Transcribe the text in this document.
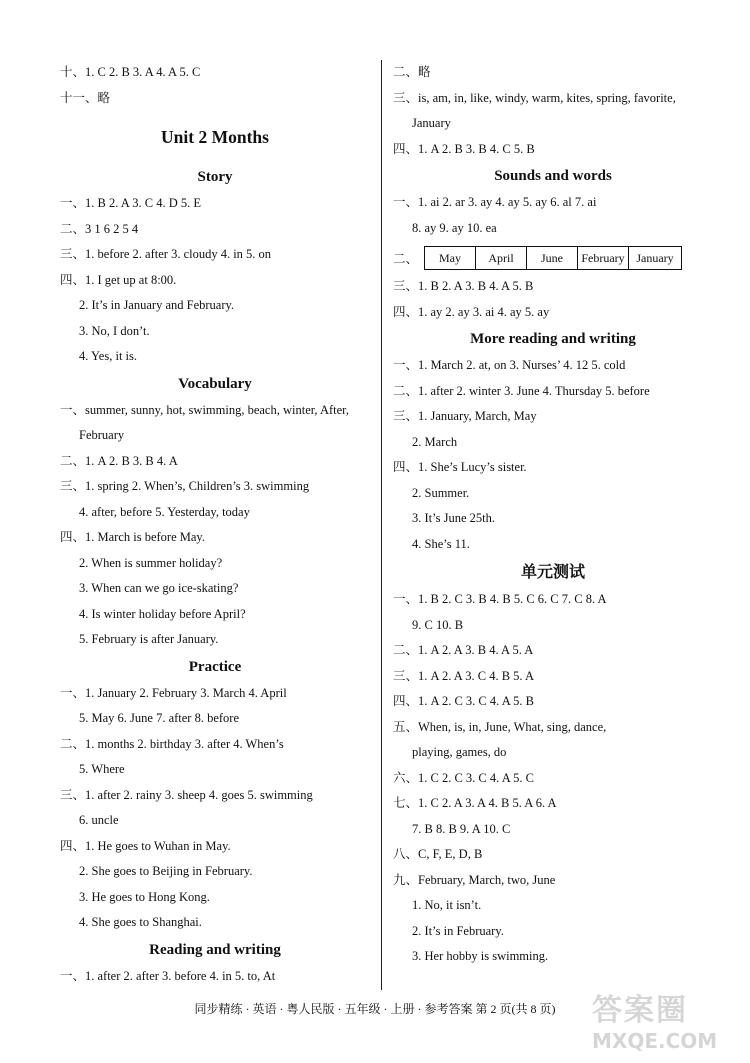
十、1. C 2. B 3. A 4. A 5. C
十一、略
Unit 2 Months
Story
一、1. B 2. A 3. C 4. D 5. E
二、3 1 6 2 5 4
三、1. before 2. after 3. cloudy 4. in 5. on
四、1. I get up at 8:00.
2. It’s in January and February.
3. No, I don’t.
4. Yes, it is.
Vocabulary
一、summer, sunny, hot, swimming, beach, winter, After,
February
二、1. A 2. B 3. B 4. A
三、1. spring 2. When’s, Children’s 3. swimming
4. after, before 5. Yesterday, today
四、1. March is before May.
2. When is summer holiday?
3. When can we go ice-skating?
4. Is winter holiday before April?
5. February is after January.
Practice
一、1. January 2. February 3. March 4. April
5. May 6. June 7. after 8. before
二、1. months 2. birthday 3. after 4. When’s
5. Where
三、1. after 2. rainy 3. sheep 4. goes 5. swimming
6. uncle
四、1. He goes to Wuhan in May.
2. She goes to Beijing in February.
3. He goes to Hong Kong.
4. She goes to Shanghai.
Reading and writing
一、1. after 2. after 3. before 4. in 5. to, At
二、略
三、is, am, in, like, windy, warm, kites, spring, favorite,
January
四、1. A 2. B 3. B 4. C 5. B
Sounds and words
一、1. ai 2. ar 3. ay 4. ay 5. ay 6. al 7. ai
8. ay 9. ay 10. ea
二、	May	April	June	February January
三、1. B 2. A 3. B 4. A 5. B
四、1. ay 2. ay 3. ai 4. ay 5. ay
More reading and writing
一、1. March 2. at, on 3. Nurses’ 4. 12 5. cold
二、1. after 2. winter 3. June 4. Thursday 5. before
三、1. January, March, May
2. March
四、1. She’s Lucy’s sister.
2. Summer.
3. It’s June 25th.
4. She’s 11.
单元测试
一、1. B 2. C 3. B 4. B 5. C 6. C 7. C 8. A
9. C 10. B
二、1. A 2. A 3. B 4. A 5. A
三、1. A 2. A 3. C 4. B 5. A
四、1. A 2. C 3. C 4. A 5. B
五、When, is, in, June, What, sing, dance,
playing, games, do
六、1. C 2. C 3. C 4. A 5. C
七、1. C 2. A 3. A 4. B 5. A 6. A
7. B 8. B 9. A 10. C
八、C, F, E, D, B
九、February, March, two, June
1. No, it isn’t.
2. It’s in February.
3. Her hobby is swimming.
同步精练 · 英语 · 粤人民版 · 五年级 · 上册 · 参考答案 第 2 页(共 8 页)	答案圈
MXQE.COM
